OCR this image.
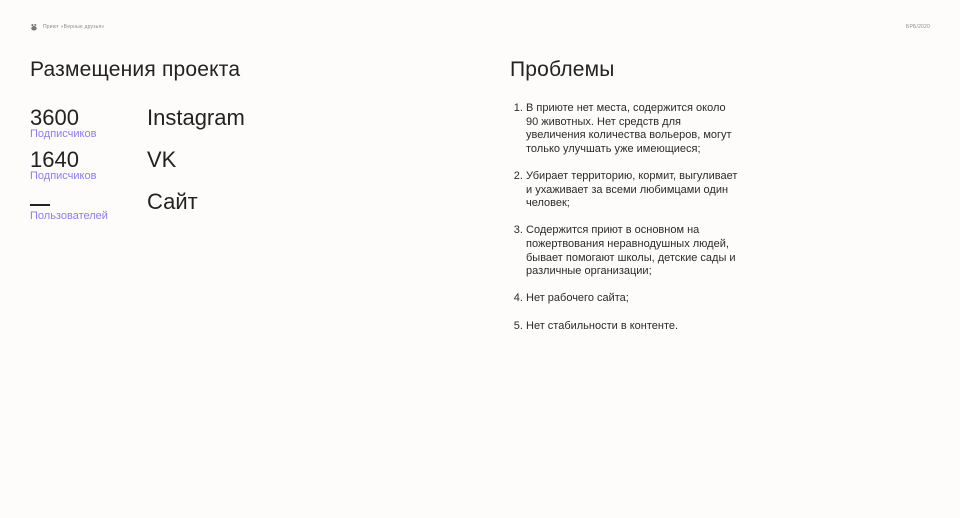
Приют «Верные друзья»	БРБ/2020
Размещения проекта
3600
Подписчиков
Instagram
1640
Подписчиков
VK
Пользователей
Сайт
Проблемы
1. В приюте нет места, содержится около 90 животных. Нет средств для увеличения количества вольеров, могут только улучшать уже имеющиеся;
2. Убирает территорию, кормит, выгуливает и ухаживает за всеми любимцами один человек;
3. Содержится приют в основном на пожертвования неравнодушных людей, бывает помогают школы, детские сады и различные организации;
4. Нет рабочего сайта;
5. Нет стабильности в контенте.
